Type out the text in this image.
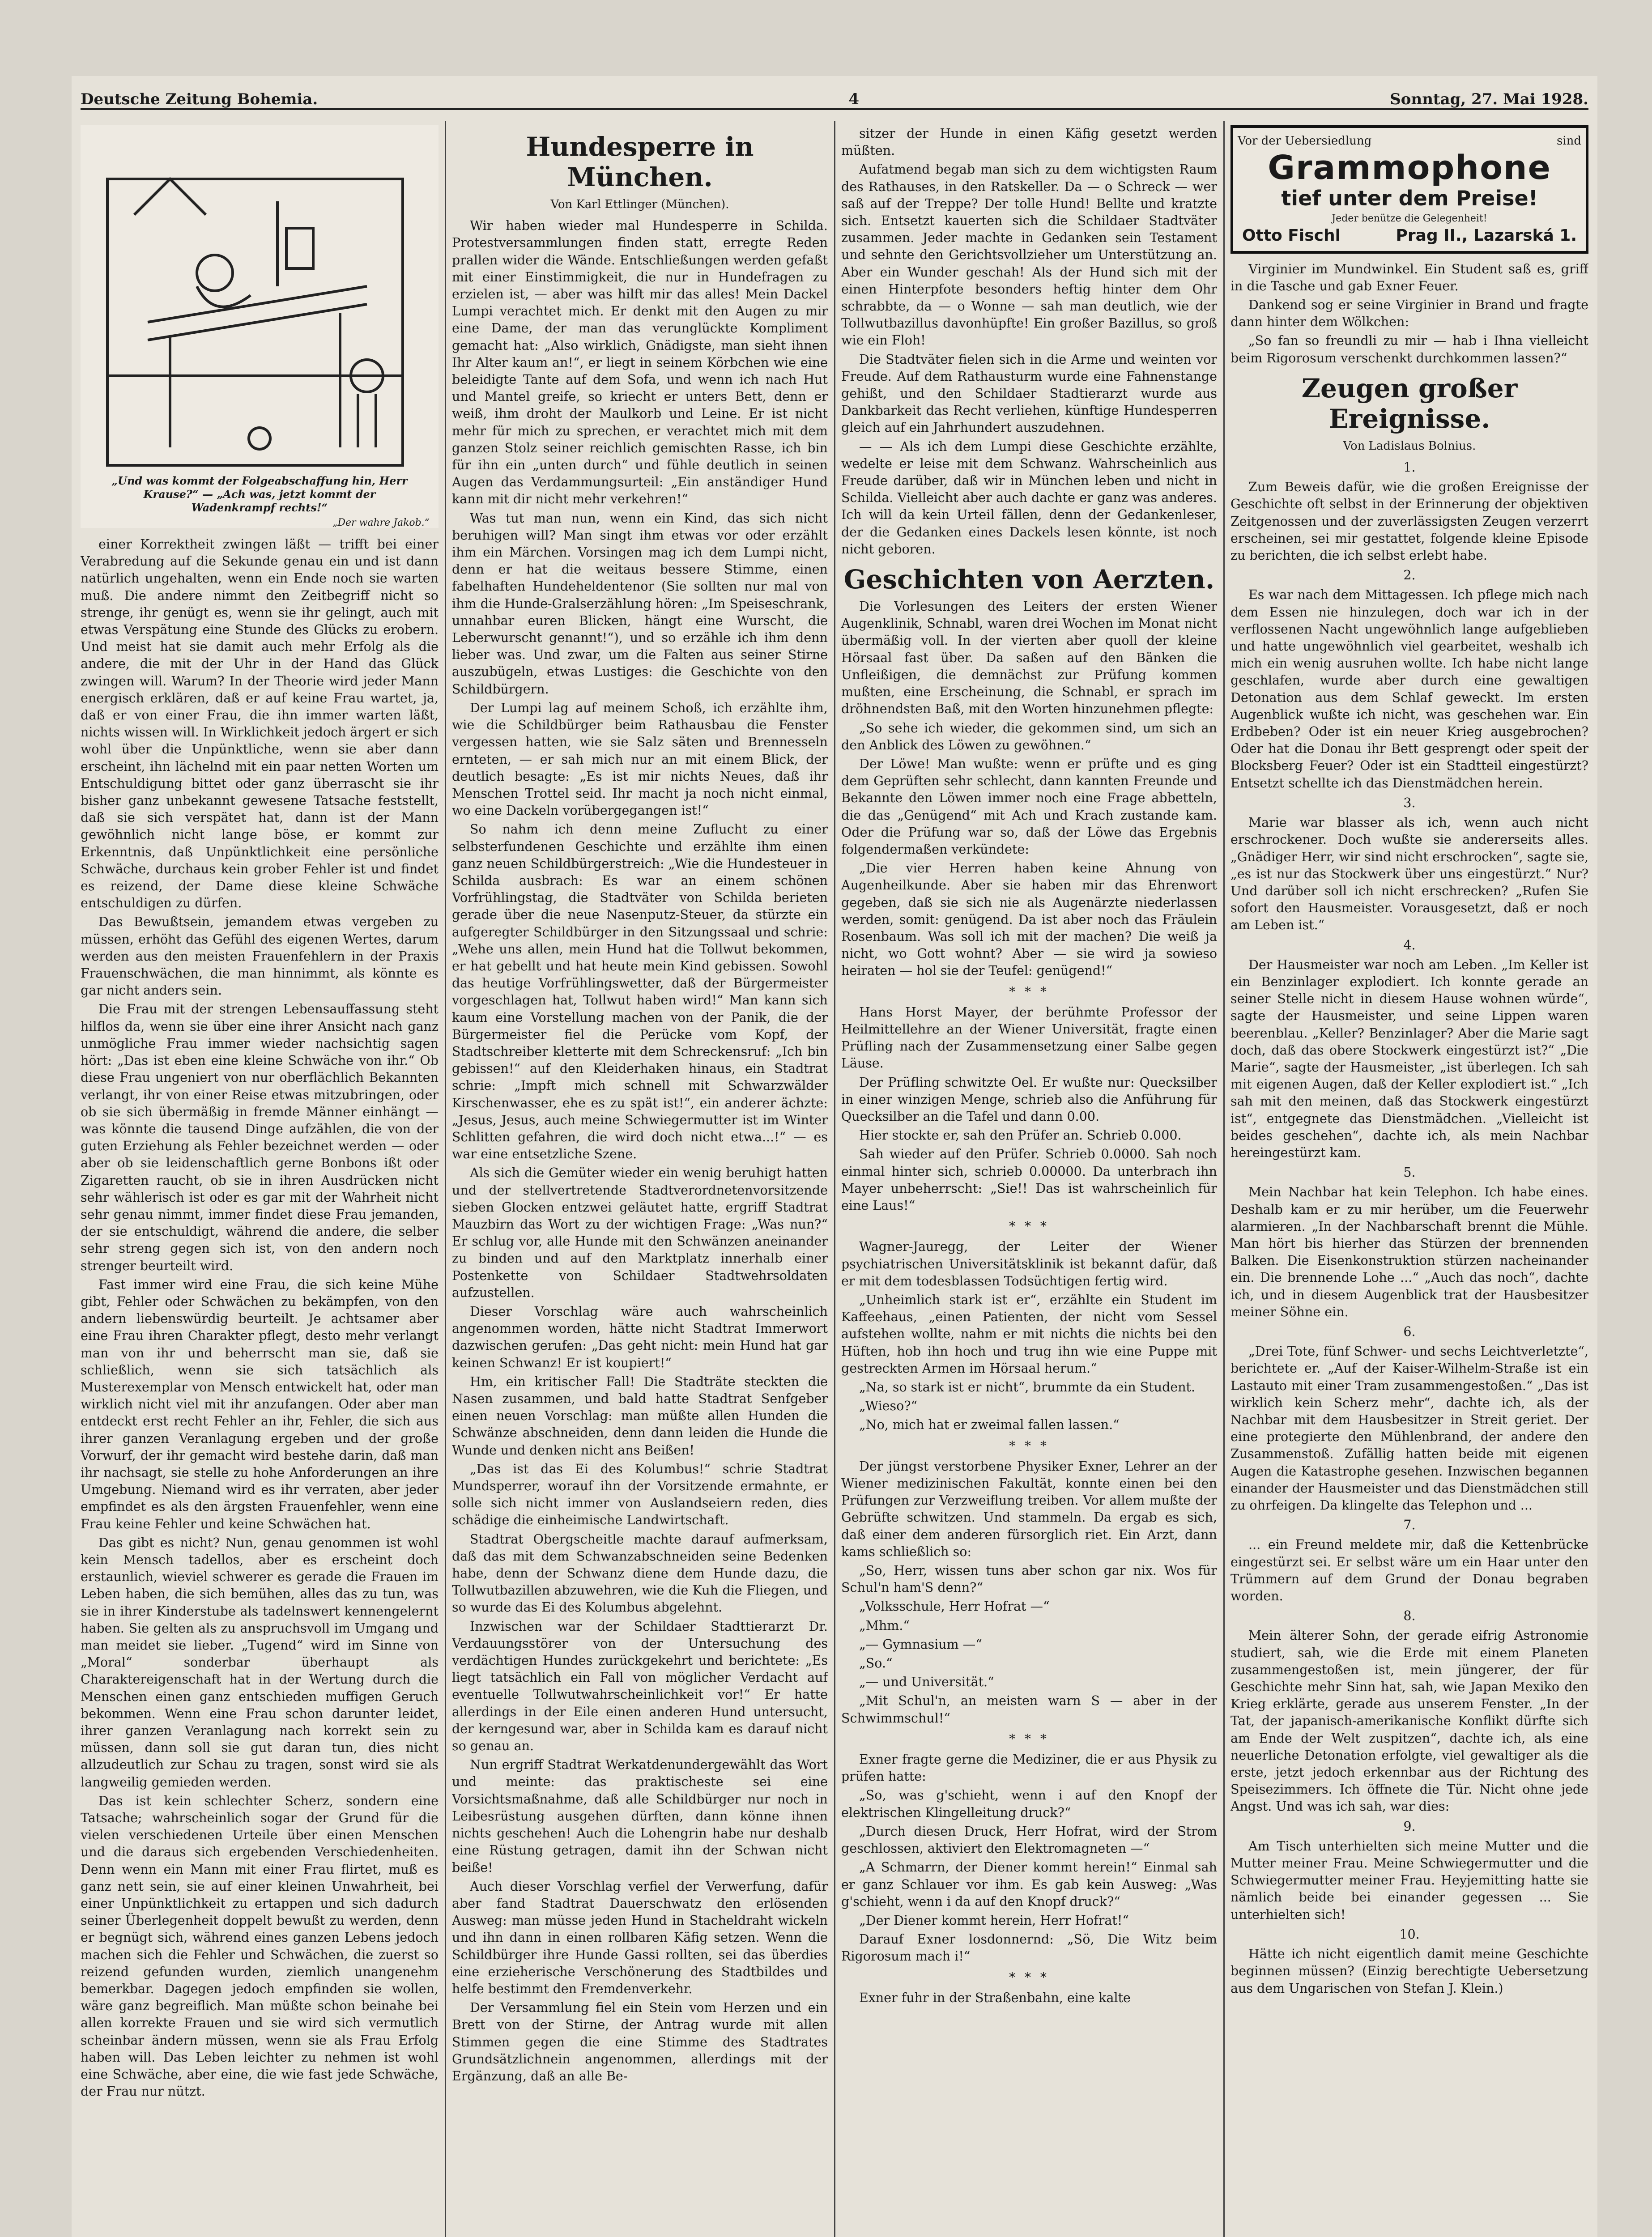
Deutsche Zeitung Bohemia.	4	Sonntag, 27. Mai 1928.
„Und was kommt der Folgeabschaffung hin, Herr Krause?“ — „Ach was, jetzt kommt der Wadenkrampf rechts!“
„Der wahre Jakob.“

einer Korrektheit zwingen läßt — trifft bei einer Verabredung auf die Sekunde genau ein und ist dann natürlich ungehalten, wenn ein Ende noch sie warten muß. Die andere nimmt den Zeitbegriff nicht so strenge, ihr genügt es, wenn sie ihr gelingt, auch mit etwas Verspätung eine Stunde des Glücks zu erobern. Und meist hat sie damit auch mehr Erfolg als die andere, die mit der Uhr in der Hand das Glück zwingen will. Warum? In der Theorie wird jeder Mann energisch erklären, daß er auf keine Frau wartet, ja, daß er von einer Frau, die ihn immer warten läßt, nichts wissen will. In Wirklichkeit jedoch ärgert er sich wohl über die Unpünktliche, wenn sie aber dann erscheint, ihn lächelnd mit ein paar netten Worten um Entschuldigung bittet oder ganz überrascht sie ihr bisher ganz unbekannt gewesene Tatsache feststellt, daß sie sich verspätet hat, dann ist der Mann gewöhnlich nicht lange böse, er kommt zur Erkenntnis, daß Unpünktlichkeit eine persönliche Schwäche, durchaus kein grober Fehler ist und findet es reizend, der Dame diese kleine Schwäche entschuldigen zu dürfen.

Das Bewußtsein, jemandem etwas vergeben zu müssen, erhöht das Gefühl des eigenen Wertes, darum werden aus den meisten Frauenfehlern in der Praxis Frauenschwächen, die man hinnimmt, als könnte es gar nicht anders sein.

Die Frau mit der strengen Lebensauffassung steht hilflos da, wenn sie über eine ihrer Ansicht nach ganz unmögliche Frau immer wieder nachsichtig sagen hört: „Das ist eben eine kleine Schwäche von ihr.“ Ob diese Frau ungeniert von nur oberflächlich Bekannten verlangt, ihr von einer Reise etwas mitzubringen, oder ob sie sich übermäßig in fremde Männer einhängt — was könnte die tausend Dinge aufzählen, die von der guten Erziehung als Fehler bezeichnet werden — oder aber ob sie leidenschaftlich gerne Bonbons ißt oder Zigaretten raucht, ob sie in ihren Ausdrücken nicht sehr wählerisch ist oder es gar mit der Wahrheit nicht sehr genau nimmt, immer findet diese Frau jemanden, der sie entschuldigt, während die andere, die selber sehr streng gegen sich ist, von den andern noch strenger beurteilt wird.

Fast immer wird eine Frau, die sich keine Mühe gibt, Fehler oder Schwächen zu bekämpfen, von den andern liebenswürdig beurteilt. Je achtsamer aber eine Frau ihren Charakter pflegt, desto mehr verlangt man von ihr und beherrscht man sie, daß sie schließlich, wenn sie sich tatsächlich als Musterexemplar von Mensch entwickelt hat, oder man wirklich nicht viel mit ihr anzufangen. Oder aber man entdeckt erst recht Fehler an ihr, Fehler, die sich aus ihrer ganzen Veranlagung ergeben und der große Vorwurf, der ihr gemacht wird bestehe darin, daß man ihr nachsagt, sie stelle zu hohe Anforderungen an ihre Umgebung. Niemand wird es ihr verraten, aber jeder empfindet es als den ärgsten Frauenfehler, wenn eine Frau keine Fehler und keine Schwächen hat.

Das gibt es nicht? Nun, genau genommen ist wohl kein Mensch tadellos, aber es erscheint doch erstaunlich, wieviel schwerer es gerade die Frauen im Leben haben, die sich bemühen, alles das zu tun, was sie in ihrer Kinderstube als tadelnswert kennengelernt haben. Sie gelten als zu anspruchsvoll im Umgang und man meidet sie lieber. „Tugend“ wird im Sinne von „Moral“ sonderbar überhaupt als Charaktereigenschaft hat in der Wertung durch die Menschen einen ganz entschieden muffigen Geruch bekommen. Wenn eine Frau schon darunter leidet, ihrer ganzen Veranlagung nach korrekt sein zu müssen, dann soll sie gut daran tun, dies nicht allzudeutlich zur Schau zu tragen, sonst wird sie als langweilig gemieden werden.

Das ist kein schlechter Scherz, sondern eine Tatsache; wahrscheinlich sogar der Grund für die vielen verschiedenen Urteile über einen Menschen und die daraus sich ergebenden Verschiedenheiten. Denn wenn ein Mann mit einer Frau flirtet, muß es ganz nett sein, sie auf einer kleinen Unwahrheit, bei einer Unpünktlichkeit zu ertappen und sich dadurch seiner Überlegenheit doppelt bewußt zu werden, denn er begnügt sich, während eines ganzen Lebens jedoch machen sich die Fehler und Schwächen, die zuerst so reizend gefunden wurden, ziemlich unangenehm bemerkbar. Dagegen jedoch empfinden sie wollen, wäre ganz begreiflich. Man müßte schon beinahe bei allen korrekte Frauen und sie wird sich vermutlich scheinbar ändern müssen, wenn sie als Frau Erfolg haben will. Das Leben leichter zu nehmen ist wohl eine Schwäche, aber eine, die wie fast jede Schwäche, der Frau nur nützt.

Hundesperre in München.
Von Karl Ettlinger (München).

Wir haben wieder mal Hundesperre in Schilda. Protestversammlungen finden statt, erregte Reden prallen wider die Wände. Entschließungen werden gefaßt mit einer Einstimmigkeit, die nur in Hundefragen zu erzielen ist, — aber was hilft mir das alles! Mein Dackel Lumpi verachtet mich. Er denkt mit den Augen zu mir eine Dame, der man das verunglückte Kompliment gemacht hat: „Also wirklich, Gnädigste, man sieht ihnen Ihr Alter kaum an!“, er liegt in seinem Körbchen wie eine beleidigte Tante auf dem Sofa, und wenn ich nach Hut und Mantel greife, so kriecht er unters Bett, denn er weiß, ihm droht der Maulkorb und Leine. Er ist nicht mehr für mich zu sprechen, er verachtet mich mit dem ganzen Stolz seiner reichlich gemischten Rasse, ich bin für ihn ein „unten durch“ und fühle deutlich in seinen Augen das Verdammungsurteil: „Ein anständiger Hund kann mit dir nicht mehr verkehren!“

Was tut man nun, wenn ein Kind, das sich nicht beruhigen will? Man singt ihm etwas vor oder erzählt ihm ein Märchen. Vorsingen mag ich dem Lumpi nicht, denn er hat die weitaus bessere Stimme, einen fabelhaften Hundeheldentenor (Sie sollten nur mal von ihm die Hunde-Gralserzählung hören: „Im Speiseschrank, unnahbar euren Blicken, hängt eine Wurscht, die Leberwurscht genannt!“), und so erzähle ich ihm denn lieber was. Und zwar, um die Falten aus seiner Stirne auszubügeln, etwas Lustiges: die Geschichte von den Schildbürgern.

Der Lumpi lag auf meinem Schoß, ich erzählte ihm, wie die Schildbürger beim Rathausbau die Fenster vergessen hatten, wie sie Salz säten und Brennesseln ernteten, — er sah mich nur an mit einem Blick, der deutlich besagte: „Es ist mir nichts Neues, daß ihr Menschen Trottel seid. Ihr macht ja noch nicht einmal, wo eine Dackeln vorübergegangen ist!“

So nahm ich denn meine Zuflucht zu einer selbsterfundenen Geschichte und erzählte ihm einen ganz neuen Schildbürgerstreich: „Wie die Hundesteuer in Schilda ausbrach: Es war an einem schönen Vorfrühlingstag, die Stadtväter von Schilda berieten gerade über die neue Nasenputz-Steuer, da stürzte ein aufgeregter Schildbürger in den Sitzungssaal und schrie: „Wehe uns allen, mein Hund hat die Tollwut bekommen, er hat gebellt und hat heute mein Kind gebissen. Sowohl das heutige Vorfrühlingswetter, daß der Bürgermeister vorgeschlagen hat, Tollwut haben wird!“ Man kann sich kaum eine Vorstellung machen von der Panik, die der Bürgermeister fiel die Perücke vom Kopf, der Stadtschreiber kletterte mit dem Schreckensruf: „Ich bin gebissen!“ auf den Kleiderhaken hinaus, ein Stadtrat schrie: „Impft mich schnell mit Schwarzwälder Kirschenwasser, ehe es zu spät ist!“, ein anderer ächzte: „Jesus, Jesus, auch meine Schwiegermutter ist im Winter Schlitten gefahren, die wird doch nicht etwa...!“ — es war eine entsetzliche Szene.

Als sich die Gemüter wieder ein wenig beruhigt hatten und der stellvertretende Stadtverordnetenvorsitzende sieben Glocken entzwei geläutet hatte, ergriff Stadtrat Mauzbirn das Wort zu der wichtigen Frage: „Was nun?“ Er schlug vor, alle Hunde mit den Schwänzen aneinander zu binden und auf den Marktplatz innerhalb einer Postenkette von Schildaer Stadtwehrsoldaten aufzustellen.

Dieser Vorschlag wäre auch wahrscheinlich angenommen worden, hätte nicht Stadtrat Immerwort dazwischen gerufen: „Das geht nicht: mein Hund hat gar keinen Schwanz! Er ist koupiert!“

Hm, ein kritischer Fall! Die Stadträte steckten die Nasen zusammen, und bald hatte Stadtrat Senfgeber einen neuen Vorschlag: man müßte allen Hunden die Schwänze abschneiden, denn dann leiden die Hunde die Wunde und denken nicht ans Beißen!

„Das ist das Ei des Kolumbus!“ schrie Stadtrat Mundsperrer, worauf ihn der Vorsitzende ermahnte, er solle sich nicht immer von Auslandseiern reden, dies schädige die einheimische Landwirtschaft.

Stadtrat Obergscheitle machte darauf aufmerksam, daß das mit dem Schwanzabschneiden seine Bedenken habe, denn der Schwanz diene dem Hunde dazu, die Tollwutbazillen abzuwehren, wie die Kuh die Fliegen, und so wurde das Ei des Kolumbus abgelehnt.

Inzwischen war der Schildaer Stadttierarzt Dr. Verdauungsstörer von der Untersuchung des verdächtigen Hundes zurückgekehrt und berichtete: „Es liegt tatsächlich ein Fall von möglicher Verdacht auf eventuelle Tollwutwahrscheinlichkeit vor!“ Er hatte allerdings in der Eile einen anderen Hund untersucht, der kerngesund war, aber in Schilda kam es darauf nicht so genau an.

Nun ergriff Stadtrat Werkatdenundergewählt das Wort und meinte: das praktischeste sei eine Vorsichtsmaßnahme, daß alle Schildbürger nur noch in Leibesrüstung ausgehen dürften, dann könne ihnen nichts geschehen! Auch die Lohengrin habe nur deshalb eine Rüstung getragen, damit ihn der Schwan nicht beiße!

Auch dieser Vorschlag verfiel der Verwerfung, dafür aber fand Stadtrat Dauerschwatz den erlösenden Ausweg: man müsse jeden Hund in Stacheldraht wickeln und ihn dann in einen rollbaren Käfig setzen. Wenn die Schildbürger ihre Hunde Gassi rollten, sei das überdies eine erzieherische Verschönerung des Stadtbildes und helfe bestimmt den Fremdenverkehr.

Der Versammlung fiel ein Stein vom Herzen und ein Brett von der Stirne, der Antrag wurde mit allen Stimmen gegen die eine Stimme des Stadtrates Grundsätzlichnein angenommen, allerdings mit der Ergänzung, daß an alle Be-

sitzer der Hunde in einen Käfig gesetzt werden müßten.

Aufatmend begab man sich zu dem wichtigsten Raum des Rathauses, in den Ratskeller. Da — o Schreck — wer saß auf der Treppe? Der tolle Hund! Bellte und kratzte sich. Entsetzt kauerten sich die Schildaer Stadtväter zusammen. Jeder machte in Gedanken sein Testament und sehnte den Gerichtsvollzieher um Unterstützung an. Aber ein Wunder geschah! Als der Hund sich mit der einen Hinterpfote besonders heftig hinter dem Ohr schrabbte, da — o Wonne — sah man deutlich, wie der Tollwutbazillus davonhüpfte! Ein großer Bazillus, so groß wie ein Floh!

Die Stadtväter fielen sich in die Arme und weinten vor Freude. Auf dem Rathausturm wurde eine Fahnenstange gehißt, und den Schildaer Stadtierarzt wurde aus Dankbarkeit das Recht verliehen, künftige Hundesperren gleich auf ein Jahrhundert auszudehnen.

— — Als ich dem Lumpi diese Geschichte erzählte, wedelte er leise mit dem Schwanz. Wahrscheinlich aus Freude darüber, daß wir in München leben und nicht in Schilda. Vielleicht aber auch dachte er ganz was anderes. Ich will da kein Urteil fällen, denn der Gedankenleser, der die Gedanken eines Dackels lesen könnte, ist noch nicht geboren.

Geschichten von Aerzten.

Die Vorlesungen des Leiters der ersten Wiener Augenklinik, Schnabl, waren drei Wochen im Monat nicht übermäßig voll. In der vierten aber quoll der kleine Hörsaal fast über. Da saßen auf den Bänken die Unfleißigen, die demnächst zur Prüfung kommen mußten, eine Erscheinung, die Schnabl, er sprach im dröhnendsten Baß, mit den Worten hinzunehmen pflegte:

„So sehe ich wieder, die gekommen sind, um sich an den Anblick des Löwen zu gewöhnen.“

Der Löwe! Man wußte: wenn er prüfte und es ging dem Geprüften sehr schlecht, dann kannten Freunde und Bekannte den Löwen immer noch eine Frage abbetteln, die das „Genügend“ mit Ach und Krach zustande kam. Oder die Prüfung war so, daß der Löwe das Ergebnis folgendermaßen verkündete:

„Die vier Herren haben keine Ahnung von Augenheilkunde. Aber sie haben mir das Ehrenwort gegeben, daß sie sich nie als Augenärzte niederlassen werden, somit: genügend. Da ist aber noch das Fräulein Rosenbaum. Was soll ich mit der machen? Die weiß ja nicht, wo Gott wohnt? Aber — sie wird ja sowieso heiraten — hol sie der Teufel: genügend!“

* * *

Hans Horst Mayer, der berühmte Professor der Heilmittellehre an der Wiener Universität, fragte einen Prüfling nach der Zusammensetzung einer Salbe gegen Läuse.

Der Prüfling schwitzte Oel. Er wußte nur: Quecksilber in einer winzigen Menge, schrieb also die Anführung für Quecksilber an die Tafel und dann 0.00.

Hier stockte er, sah den Prüfer an. Schrieb 0.000.

Sah wieder auf den Prüfer. Schrieb 0.0000. Sah noch einmal hinter sich, schrieb 0.00000. Da unterbrach ihn Mayer unbeherrscht: „Sie!! Das ist wahrscheinlich für eine Laus!“

* * *

Wagner-Jauregg, der Leiter der Wiener psychiatrischen Universitätsklinik ist bekannt dafür, daß er mit dem todesblassen Todsüchtigen fertig wird.

„Unheimlich stark ist er“, erzählte ein Student im Kaffeehaus, „einen Patienten, der nicht vom Sessel aufstehen wollte, nahm er mit nichts die nichts bei den Hüften, hob ihn hoch und trug ihn wie eine Puppe mit gestreckten Armen im Hörsaal herum.“

„Na, so stark ist er nicht“, brummte da ein Student.

„Wieso?“

„No, mich hat er zweimal fallen lassen.“

* * *

Der jüngst verstorbene Physiker Exner, Lehrer an der Wiener medizinischen Fakultät, konnte einen bei den Prüfungen zur Verzweiflung treiben. Vor allem mußte der Gebrüfte schwitzen. Und stammeln. Da ergab es sich, daß einer dem anderen fürsorglich riet. Ein Arzt, dann kams schließlich so:

„So, Herr, wissen tuns aber schon gar nix. Wos für Schul'n ham'S denn?“

„Volksschule, Herr Hofrat —“

„Mhm.“

„— Gymnasium —“

„So.“

„— und Universität.“

„Mit Schul'n, an meisten warn S — aber in der Schwimmschul!“

* * *

Exner fragte gerne die Mediziner, die er aus Physik zu prüfen hatte:

„So, was g'schieht, wenn i auf den Knopf der elektrischen Klingelleitung druck?“

„Durch diesen Druck, Herr Hofrat, wird der Strom geschlossen, aktiviert den Elektromagneten —“

„A Schmarrn, der Diener kommt herein!“ Einmal sah er ganz Schlauer vor ihm. Es gab kein Ausweg: „Was g'schieht, wenn i da auf den Knopf druck?“

„Der Diener kommt herein, Herr Hofrat!“

Darauf Exner losdonnernd: „Sö, Die Witz beim Rigorosum mach i!“

* * *

Exner fuhr in der Straßenbahn, eine kalte

Vor der Uebersiedlung	sind
Grammophone
tief unter dem Preise!
Jeder benütze die Gelegenheit!
Otto Fischl	Prag II., Lazarská 1.

Virginier im Mundwinkel. Ein Student saß es, griff in die Tasche und gab Exner Feuer.

Dankend sog er seine Virginier in Brand und fragte dann hinter dem Wölkchen:

„So fan so freundli zu mir — hab i Ihna vielleicht beim Rigorosum verschenkt durchkommen lassen?“

Zeugen großer Ereignisse.
Von Ladislaus Bolnius.
1.

Zum Beweis dafür, wie die großen Ereignisse der Geschichte oft selbst in der Erinnerung der objektiven Zeitgenossen und der zuverlässigsten Zeugen verzerrt erscheinen, sei mir gestattet, folgende kleine Episode zu berichten, die ich selbst erlebt habe.

2.

Es war nach dem Mittagessen. Ich pflege mich nach dem Essen nie hinzulegen, doch war ich in der verflossenen Nacht ungewöhnlich lange aufgeblieben und hatte ungewöhnlich viel gearbeitet, weshalb ich mich ein wenig ausruhen wollte. Ich habe nicht lange geschlafen, wurde aber durch eine gewaltigen Detonation aus dem Schlaf geweckt. Im ersten Augenblick wußte ich nicht, was geschehen war. Ein Erdbeben? Oder ist ein neuer Krieg ausgebrochen? Oder hat die Donau ihr Bett gesprengt oder speit der Blocksberg Feuer? Oder ist ein Stadtteil eingestürzt? Entsetzt schellte ich das Dienstmädchen herein.

3.

Marie war blasser als ich, wenn auch nicht erschrockener. Doch wußte sie andererseits alles. „Gnädiger Herr, wir sind nicht erschrocken“, sagte sie, „es ist nur das Stockwerk über uns eingestürzt.“ Nur? Und darüber soll ich nicht erschrecken? „Rufen Sie sofort den Hausmeister. Vorausgesetzt, daß er noch am Leben ist.“

4.

Der Hausmeister war noch am Leben. „Im Keller ist ein Benzinlager explodiert. Ich konnte gerade an seiner Stelle nicht in diesem Hause wohnen würde“, sagte der Hausmeister, und seine Lippen waren beerenblau. „Keller? Benzinlager? Aber die Marie sagt doch, daß das obere Stockwerk eingestürzt ist?“ „Die Marie“, sagte der Hausmeister, „ist überlegen. Ich sah mit eigenen Augen, daß der Keller explodiert ist.“ „Ich sah mit den meinen, daß das Stockwerk eingestürzt ist“, entgegnete das Dienstmädchen. „Vielleicht ist beides geschehen“, dachte ich, als mein Nachbar hereingestürzt kam.

5.

Mein Nachbar hat kein Telephon. Ich habe eines. Deshalb kam er zu mir herüber, um die Feuerwehr alarmieren. „In der Nachbarschaft brennt die Mühle. Man hört bis hierher das Stürzen der brennenden Balken. Die Eisenkonstruktion stürzen nacheinander ein. Die brennende Lohe ...“ „Auch das noch“, dachte ich, und in diesem Augenblick trat der Hausbesitzer meiner Söhne ein.

6.

„Drei Tote, fünf Schwer- und sechs Leichtverletzte“, berichtete er. „Auf der Kaiser-Wilhelm-Straße ist ein Lastauto mit einer Tram zusammengestoßen.“ „Das ist wirklich kein Scherz mehr“, dachte ich, als der Nachbar mit dem Hausbesitzer in Streit geriet. Der eine protegierte den Mühlenbrand, der andere den Zusammenstoß. Zufällig hatten beide mit eigenen Augen die Katastrophe gesehen. Inzwischen begannen einander der Hausmeister und das Dienstmädchen still zu ohrfeigen. Da klingelte das Telephon und ...

7.

... ein Freund meldete mir, daß die Kettenbrücke eingestürzt sei. Er selbst wäre um ein Haar unter den Trümmern auf dem Grund der Donau begraben worden.

8.

Mein älterer Sohn, der gerade eifrig Astronomie studiert, sah, wie die Erde mit einem Planeten zusammengestoßen ist, mein jüngerer, der für Geschichte mehr Sinn hat, sah, wie Japan Mexiko den Krieg erklärte, gerade aus unserem Fenster. „In der Tat, der japanisch-amerikanische Konflikt dürfte sich am Ende der Welt zuspitzen“, dachte ich, als eine neuerliche Detonation erfolgte, viel gewaltiger als die erste, jetzt jedoch erkennbar aus der Richtung des Speisezimmers. Ich öffnete die Tür. Nicht ohne jede Angst. Und was ich sah, war dies:

9.

Am Tisch unterhielten sich meine Mutter und die Mutter meiner Frau. Meine Schwiegermutter und die Schwiegermutter meiner Frau. Heyjemitting hatte sie nämlich beide bei einander gegessen ... Sie unterhielten sich!

10.

Hätte ich nicht eigentlich damit meine Geschichte beginnen müssen? (Einzig berechtigte Uebersetzung aus dem Ungarischen von Stefan J. Klein.)
